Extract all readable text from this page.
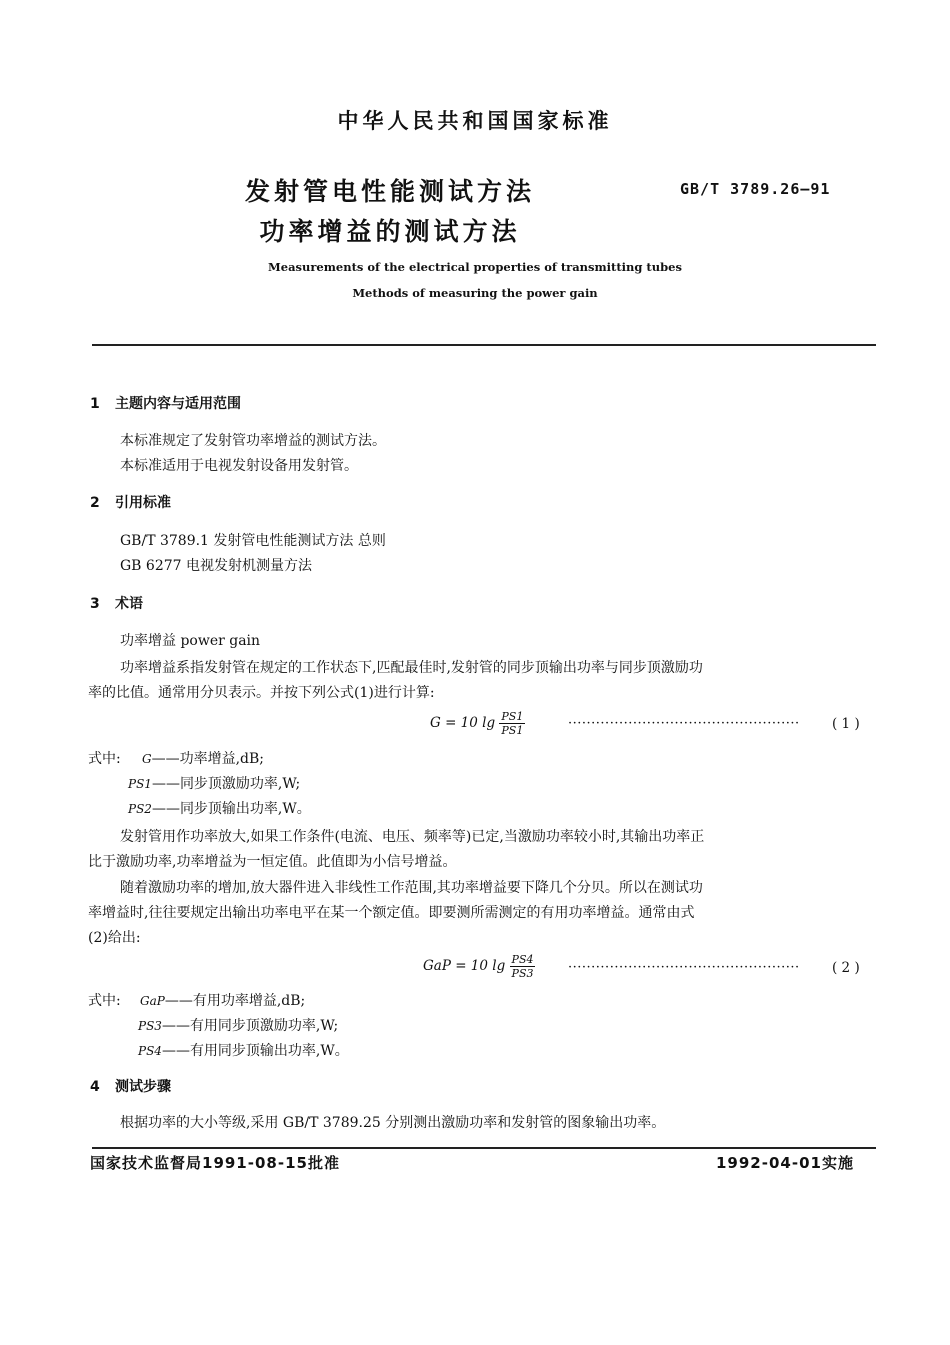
中华人民共和国国家标准
发射管电性能测试方法
功率增益的测试方法
GB/T 3789.26—91
Measurements of the electrical properties of transmitting tubes
Methods of measuring the power gain
1 主题内容与适用范围
本标准规定了发射管功率增益的测试方法。
本标准适用于电视发射设备用发射管。
2 引用标准
GB/T 3789.1 发射管电性能测试方法 总则
GB 6277 电视发射机测量方法
3 术语
功率增益 power gain
功率增益系指发射管在规定的工作状态下,匹配最佳时,发射管的同步顶输出功率与同步顶激励功
率的比值。通常用分贝表示。并按下列公式(1)进行计算:
G = 10 $\lg \frac{PS1}{PS1}$	·················································· ( 1 )
式中: G——功率增益,dB;
PS1——同步顶激励功率,W;
PS2——同步顶输出功率,W。
发射管用作功率放大,如果工作条件(电流、电压、频率等)已定,当激励功率较小时,其输出功率正
比于激励功率,功率增益为一恒定值。此值即为小信号增益。
随着激励功率的增加,放大器件进入非线性工作范围,其功率增益要下降几个分贝。所以在测试功
率增益时,往往要规定出输出功率电平在某一个额定值。即要测所需测定的有用功率增益。通常由式
(2)给出:
GaP = 10 $\lg \frac{PS4}{PS3}$	·················································· ( 2 )
式中: GaP——有用功率增益,dB;
PS3——有用同步顶激励功率,W;
PS4——有用同步顶输出功率,W。
4 测试步骤
根据功率的大小等级,采用 GB/T 3789.25 分别测出激励功率和发射管的图象输出功率。
国家技术监督局1991-08-15批准	1992-04-01实施
